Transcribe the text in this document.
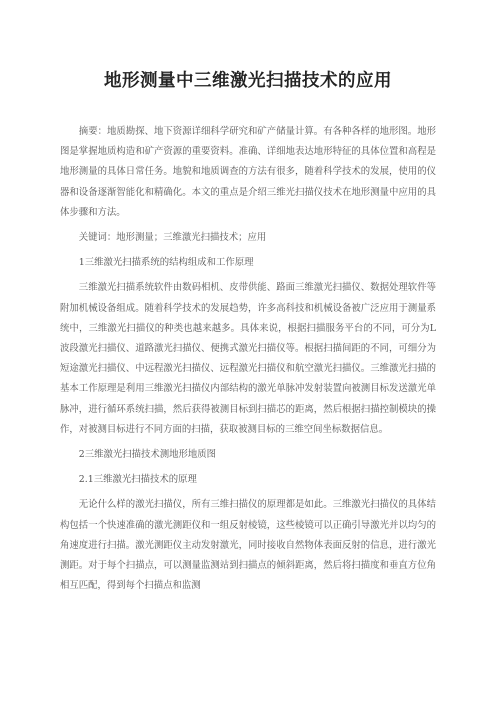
地形测量中三维激光扫描技术的应用

摘要：地质勘探、地下资源详细科学研究和矿产储量计算。有各种各样的地形图。地形图是掌握地质构造和矿产资源的重要资料。准确、详细地表达地形特征的具体位置和高程是地形测量的具体日常任务。地貌和地质调查的方法有很多，随着科学技术的发展，使用的仪器和设备逐渐智能化和精确化。本文的重点是介绍三维光扫描仪技术在地形测量中应用的具体步骤和方法。

关键词：地形测量；三维激光扫描技术；应用

1三维激光扫描系统的结构组成和工作原理

三维激光扫描系统软件由数码相机、皮带供能、路面三维激光扫描仪、数据处理软件等附加机械设备组成。随着科学技术的发展趋势，许多高科技和机械设备被广泛应用于测量系统中，三维激光扫描仪的种类也越来越多。具体来说，根据扫描服务平台的不同，可分为L波段激光扫描仪、道路激光扫描仪、便携式激光扫描仪等。根据扫描间距的不同，可细分为短途激光扫描仪、中远程激光扫描仪、远程激光扫描仪和航空激光扫描仪。三维激光扫描的基本工作原理是利用三维激光扫描仪内部结构的激光单脉冲发射装置向被测目标发送激光单脉冲，进行循环系统扫描，然后获得被测目标到扫描芯的距离，然后根据扫描控制模块的操作，对被测目标进行不同方面的扫描，获取被测目标的三维空间坐标数据信息。

2三维激光扫描技术测地形地质图

2.1三维激光扫描技术的原理

无论什么样的激光扫描仪，所有三维扫描仪的原理都是如此。三维激光扫描仪的具体结构包括一个快速准确的激光测距仪和一组反射棱镜，这些棱镜可以正确引导激光并以均匀的角速度进行扫描。激光测距仪主动发射激光，同时接收自然物体表面反射的信息，进行激光测距。对于每个扫描点，可以测量监测站到扫描点的倾斜距离，然后将扫描度和垂直方位角相互匹配，得到每个扫描点和监测
